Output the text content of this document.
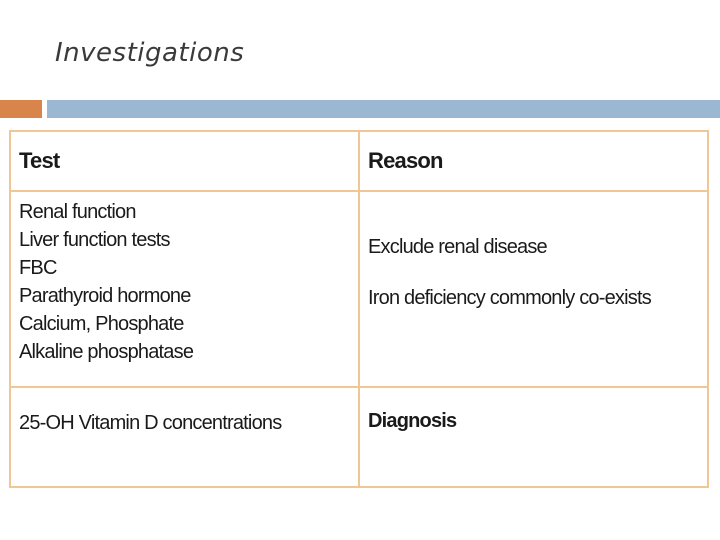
Investigations
Test	Reason
Renal function
Liver function tests
FBC
Parathyroid hormone
Calcium, Phosphate
Alkaline phosphatase
Exclude renal disease
Iron deficiency commonly co-exists
25-OH Vitamin D concentrations	Diagnosis
